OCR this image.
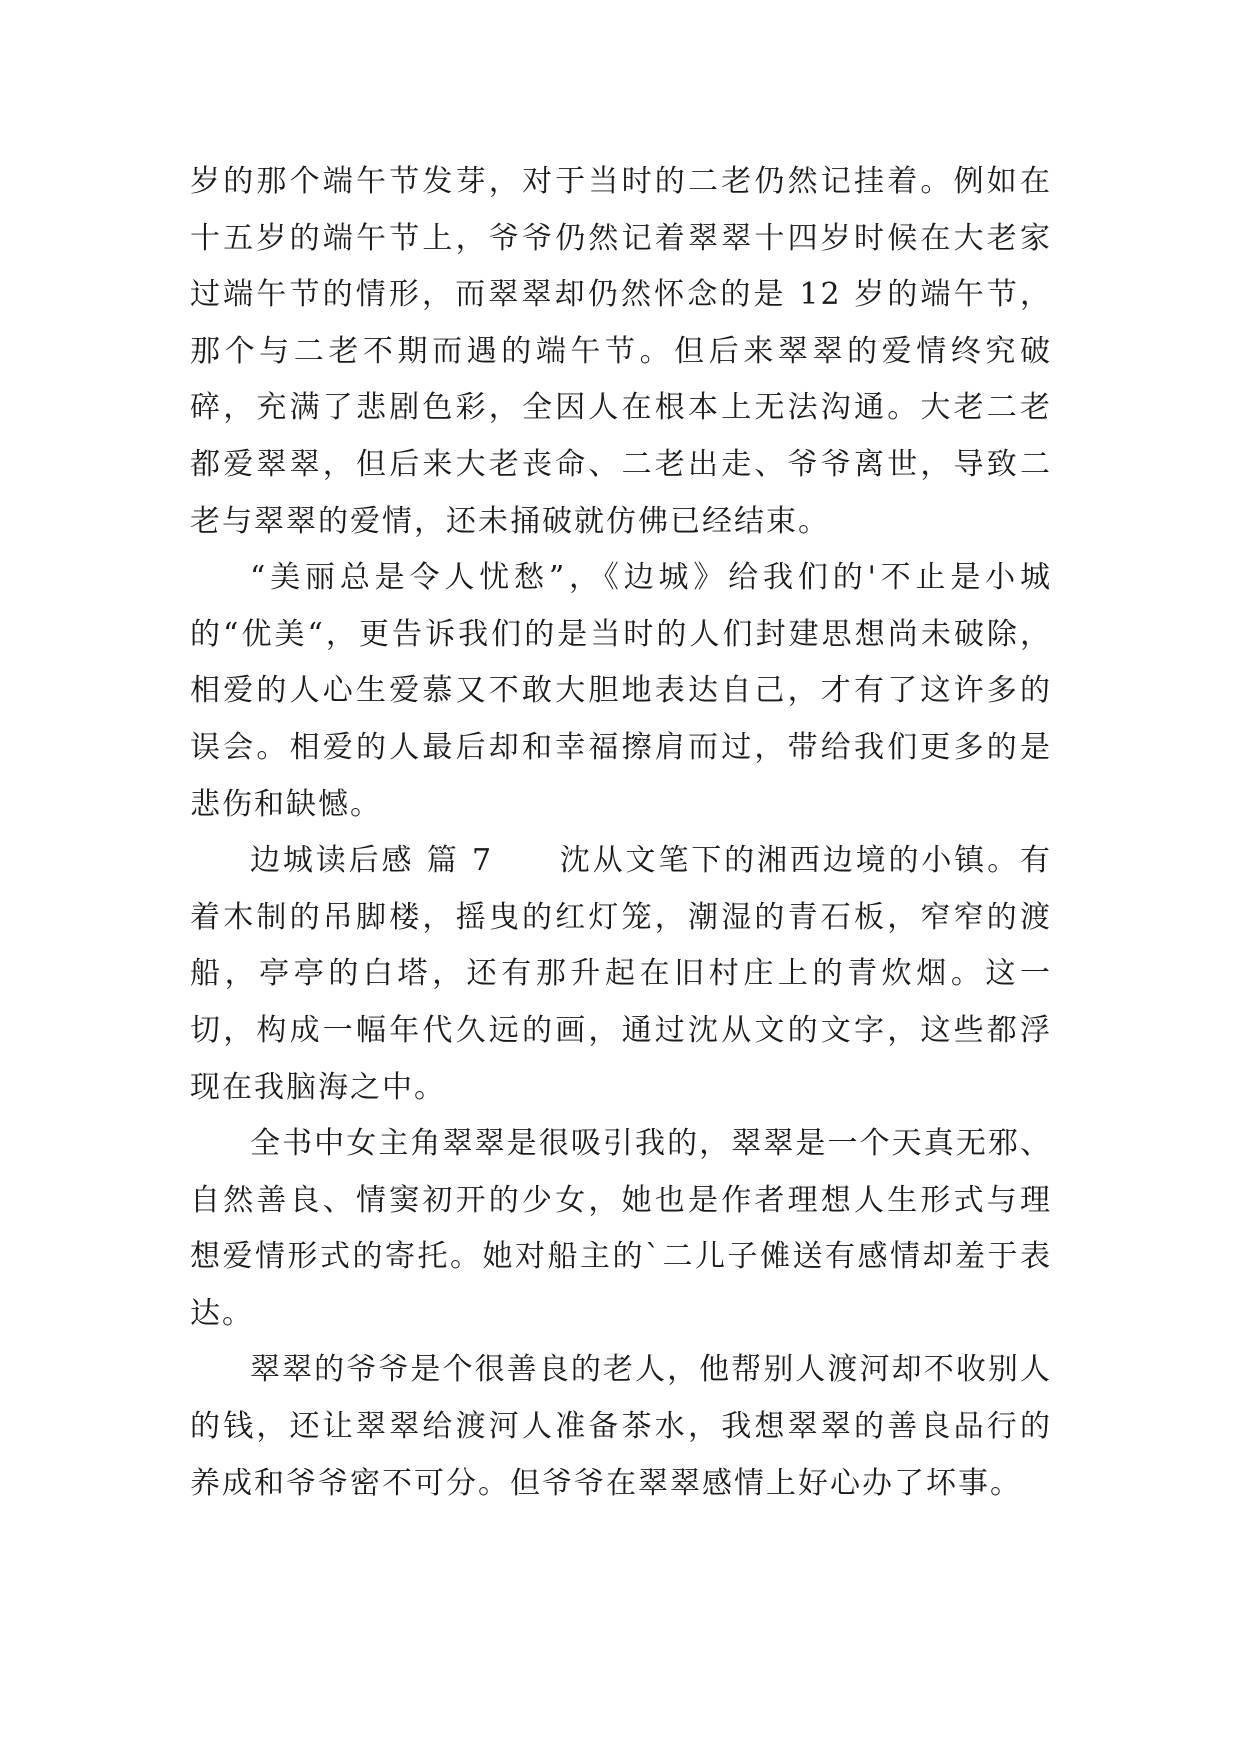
岁的那个端午节发芽，对于当时的二老仍然记挂着。例如在十五岁的端午节上，爷爷仍然记着翠翠十四岁时候在大老家过端午节的情形，而翠翠却仍然怀念的是 12 岁的端午节，那个与二老不期而遇的端午节。但后来翠翠的爱情终究破碎，充满了悲剧色彩，全因人在根本上无法沟通。大老二老都爱翠翠，但后来大老丧命、二老出走、爷爷离世，导致二老与翠翠的爱情，还未捅破就仿佛已经结束。

“美丽总是令人忧愁”，《边城》给我们的'不止是小城的“优美“，更告诉我们的是当时的人们封建思想尚未破除，相爱的人心生爱慕又不敢大胆地表达自己，才有了这许多的误会。相爱的人最后却和幸福擦肩而过，带给我们更多的是悲伤和缺憾。

边城读后感 篇 7　　沈从文笔下的湘西边境的小镇。有着木制的吊脚楼，摇曳的红灯笼，潮湿的青石板，窄窄的渡船，亭亭的白塔，还有那升起在旧村庄上的青炊烟。这一切，构成一幅年代久远的画，通过沈从文的文字，这些都浮现在我脑海之中。

全书中女主角翠翠是很吸引我的，翠翠是一个天真无邪、自然善良、情窦初开的少女，她也是作者理想人生形式与理想爱情形式的寄托。她对船主的`二儿子傩送有感情却羞于表达。

翠翠的爷爷是个很善良的老人，他帮别人渡河却不收别人的钱，还让翠翠给渡河人准备茶水，我想翠翠的善良品行的养成和爷爷密不可分。但爷爷在翠翠感情上好心办了坏事。
